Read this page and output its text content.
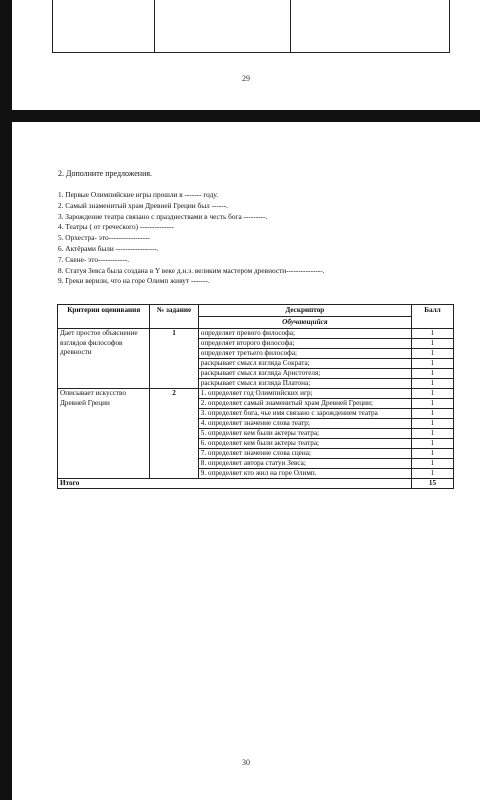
29
2. Дополните предложения.
1. Первые Олимпийские игры прошли в ------- году.
2. Самый знаменитый храм Древней Греции был ------.
3. Зарождение театра связано с празднествами в честь бога ---------.
4. Театры ( от греческого) --------------
5. Орхестра- это-----------------
6. Актёрами были -----------------.
7. Скене- это------------.
8. Статуя Зевса была создана в Y веке д.н.э. великим мастером древности---------------.
9. Греки верили, что на горе Олимп живут -------.
Критерии оценивания	№ задание	Дескриптор	Балл
		Обучающийся	
Дает простое объяснение взглядов философов древности	1	определяет превого философа;	1
		определяет второго философа;	1
		определяет третьего философа;	1
		раскрывает смысл взгляда Сократа;	1
		раскрывает смысл взгляда Аристотеля;	1
		раскрывает смысл взгляда Платона;	1
Описывает искусство Древней Греции	2	1. определяет год Олимпийских игр;	1
		2. определяет самый знаменитый храм Древней Греции;	1
		3. определяет бога, чье имя связано с зарождением театра	1
		4. определяет значение слова театр;	1
		5. определяет кем были актеры театра;	1
		6. определяет кем были актеры театра;	1
		7. определяет значение слова сцена;	1
		8. определяет автора статуи Зевса;	1
		9. определяет кто жил на горе Олимп.	1
Итого			15
30
